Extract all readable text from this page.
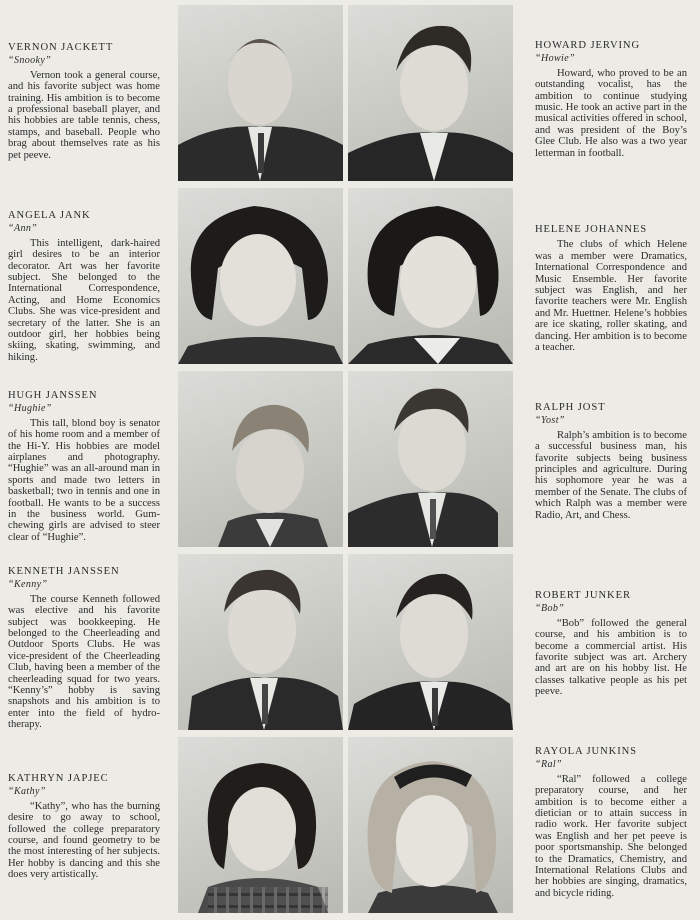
VERNON JACKETT

“Snooky”

Vernon took a general course, and his favorite subject was home training. His ambition is to become a professional baseball player, and his hobbies are table tennis, chess, stamps, and baseball. People who brag about themselves rate as his pet peeve.

ANGELA JANK

“Ann”

This intelligent, dark-haired girl desires to be an interior decorator. Art was her favorite subject. She belonged to the International Correspondence, Acting, and Home Economics Clubs. She was vice-president and secretary of the latter. She is an outdoor girl, her hobbies being skiing, skating, swimming, and hiking.

HUGH JANSSEN

“Hughie”

This tall, blond boy is senator of his home room and a member of the Hi-Y. His hobbies are model airplanes and photography. “Hughie” was an all-around man in sports and made two letters in basketball; two in tennis and one in football. He wants to be a success in the business world. Gum-chewing girls are advised to steer clear of “Hughie”.

KENNETH JANSSEN

“Kenny”

The course Kenneth followed was elective and his favorite subject was bookkeeping. He belonged to the Cheerleading and Outdoor Sports Clubs. He was vice-president of the Cheerleading Club, having been a member of the cheerleading squad for two years. “Kenny’s” hobby is saving snapshots and his ambition is to enter into the field of hydro-therapy.

KATHRYN JAPJEC

“Kathy”

“Kathy”, who has the burning desire to go away to school, followed the college preparatory course, and found geometry to be the most interesting of her subjects. Her hobby is dancing and this she does very artistically.

HOWARD JERVING

“Howie”

Howard, who proved to be an outstanding vocalist, has the ambition to continue studying music. He took an active part in the musical activities offered in school, and was president of the Boy’s Glee Club. He also was a two year letterman in football.

HELENE JOHANNES

The clubs of which Helene was a member were Dramatics, International Correspondence and Music Ensemble. Her favorite subject was English, and her favorite teachers were Mr. English and Mr. Huettner. Helene’s hobbies are ice skating, roller skating, and dancing. Her ambition is to become a teacher.

RALPH JOST

“Yost”

Ralph’s ambition is to become a successful business man, his favorite subjects being business principles and agriculture. During his sophomore year he was a member of the Senate. The clubs of which Ralph was a member were Radio, Art, and Chess.

ROBERT JUNKER

“Bob”

“Bob” followed the general course, and his ambition is to become a commercial artist. His favorite subject was art. Archery and art are on his hobby list. He classes talkative people as his pet peeve.

RAYOLA JUNKINS

“Ral”

“Ral” followed a college preparatory course, and her ambition is to become either a dietician or to attain success in radio work. Her favorite subject was English and her pet peeve is poor sportsmanship. She belonged to the Dramatics, Chemistry, and International Relations Clubs and her hobbies are singing, dramatics, and bicycle riding.
